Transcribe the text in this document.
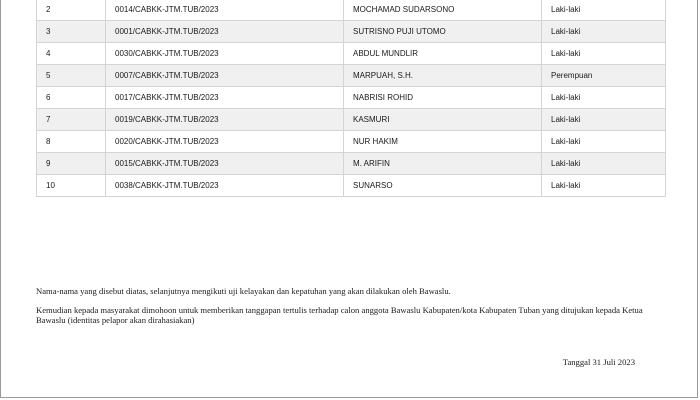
2	0014/CABKK-JTM.TUB/2023	MOCHAMAD SUDARSONO	Laki-laki
3	0001/CABKK-JTM.TUB/2023	SUTRISNO PUJI UTOMO	Laki-laki
4	0030/CABKK-JTM.TUB/2023	ABDUL MUNDLIR	Laki-laki
5	0007/CABKK-JTM.TUB/2023	MARPUAH, S.H.	Perempuan
6	0017/CABKK-JTM.TUB/2023	NABRISI ROHID	Laki-laki
7	0019/CABKK-JTM.TUB/2023	KASMURI	Laki-laki
8	0020/CABKK-JTM.TUB/2023	NUR HAKIM	Laki-laki
9	0015/CABKK-JTM.TUB/2023	M. ARIFIN	Laki-laki
10	0038/CABKK-JTM.TUB/2023	SUNARSO	Laki-laki

Nama-nama yang disebut diatas, selanjutnya mengikuti uji kelayakan dan kepatuhan yang akan dilakukan oleh Bawaslu.

Kemudian kepada masyarakat dimohoon untuk memberikan tanggapan tertulis terhadap calon anggota Bawaslu Kabupaten/kota Kabupaten Tuban yang ditujukan kepada Ketua Bawaslu (identitas pelapor akan dirahasiakan)

Tanggal 31 Juli 2023
